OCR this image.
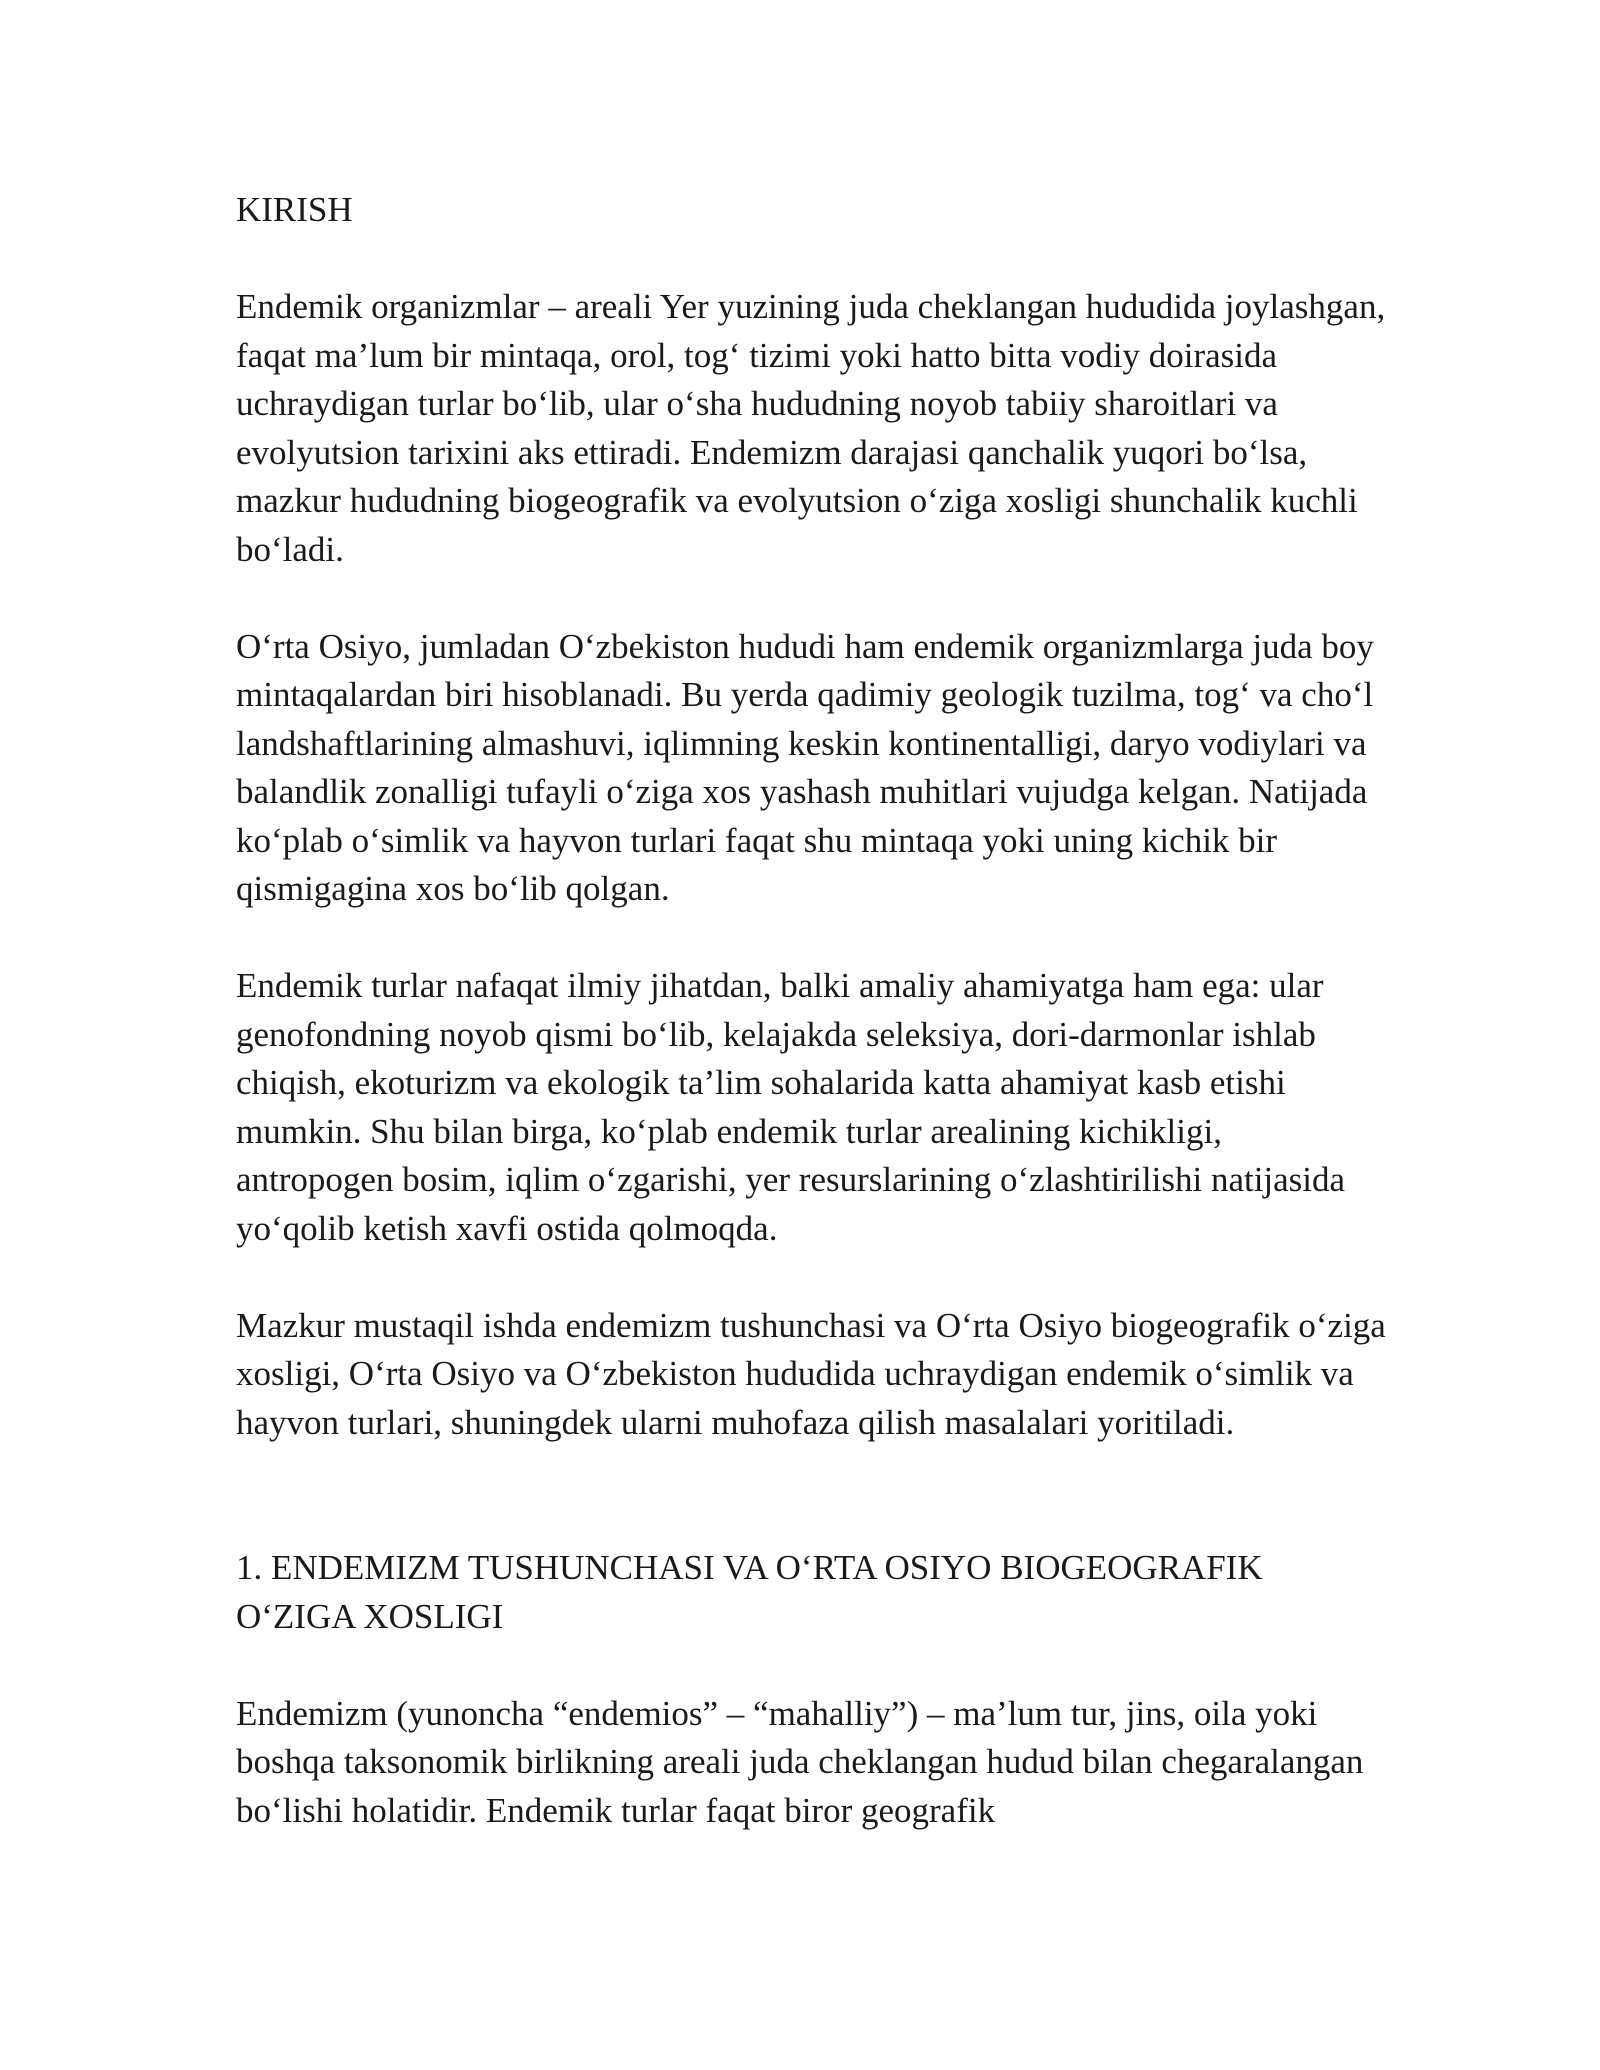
KIRISH

Endemik organizmlar – areali Yer yuzining juda cheklangan hududida joylashgan, faqat ma’lum bir mintaqa, orol, tog‘ tizimi yoki hatto bitta vodiy doirasida uchraydigan turlar bo‘lib, ular o‘sha hududning noyob tabiiy sharoitlari va evolyutsion tarixini aks ettiradi. Endemizm darajasi qanchalik yuqori bo‘lsa, mazkur hududning biogeografik va evolyutsion o‘ziga xosligi shunchalik kuchli bo‘ladi.

O‘rta Osiyo, jumladan O‘zbekiston hududi ham endemik organizmlarga juda boy mintaqalardan biri hisoblanadi. Bu yerda qadimiy geologik tuzilma, tog‘ va cho‘l landshaftlarining almashuvi, iqlimning keskin kontinentalligi, daryo vodiylari va balandlik zonalligi tufayli o‘ziga xos yashash muhitlari vujudga kelgan. Natijada ko‘plab o‘simlik va hayvon turlari faqat shu mintaqa yoki uning kichik bir qismigagina xos bo‘lib qolgan.

Endemik turlar nafaqat ilmiy jihatdan, balki amaliy ahamiyatga ham ega: ular genofondning noyob qismi bo‘lib, kelajakda seleksiya, dori-darmonlar ishlab chiqish, ekoturizm va ekologik ta’lim sohalarida katta ahamiyat kasb etishi mumkin. Shu bilan birga, ko‘plab endemik turlar arealining kichikligi, antropogen bosim, iqlim o‘zgarishi, yer resurslarining o‘zlashtirilishi natijasida yo‘qolib ketish xavfi ostida qolmoqda.

Mazkur mustaqil ishda endemizm tushunchasi va O‘rta Osiyo biogeografik o‘ziga xosligi, O‘rta Osiyo va O‘zbekiston hududida uchraydigan endemik o‘simlik va hayvon turlari, shuningdek ularni muhofaza qilish masalalari yoritiladi.

1. ENDEMIZM TUSHUNCHASI VA O‘RTA OSIYO BIOGEOGRAFIK O‘ZIGA XOSLIGI

Endemizm (yunoncha “endemios” – “mahalliy”) – ma’lum tur, jins, oila yoki boshqa taksonomik birlikning areali juda cheklangan hudud bilan chegaralangan bo‘lishi holatidir. Endemik turlar faqat biror geografik
